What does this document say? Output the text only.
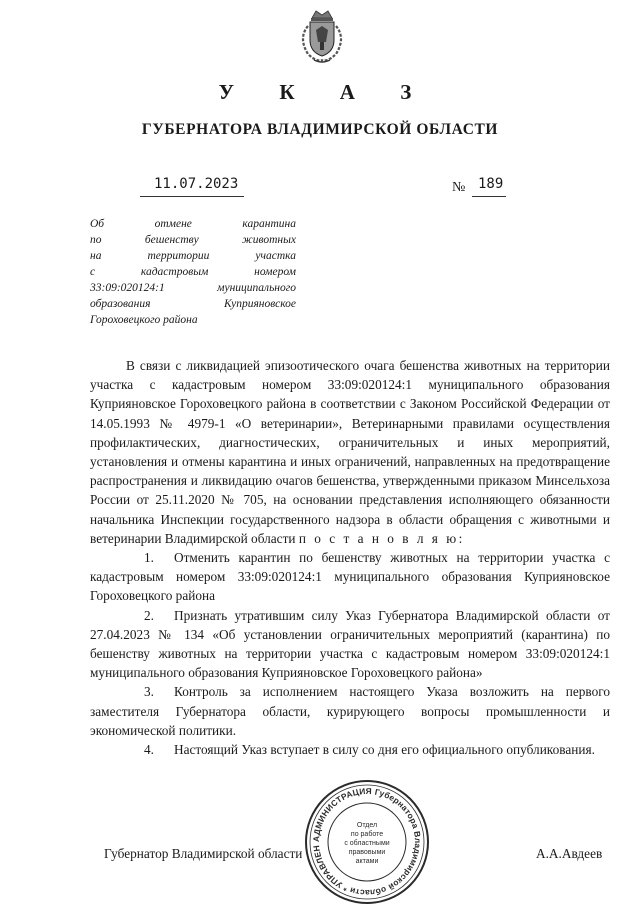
У К А З
ГУБЕРНАТОРА ВЛАДИМИРСКОЙ ОБЛАСТИ
11.07.2023	№ 189
Об отмене карантина
по бешенству животных
на территории участка
с кадастровым номером
33:09:020124:1 муниципального
образования Куприяновское
Гороховецкого района

В связи с ликвидацией эпизоотического очага бешенства животных на территории участка с кадастровым номером 33:09:020124:1 муниципального образования Куприяновское Гороховецкого района в соответствии с Законом Российской Федерации от 14.05.1993 № 4979-1 «О ветеринарии», Ветеринарными правилами осуществления профилактических, диагностических, ограничительных и иных мероприятий, установления и отмены карантина и иных ограничений, направленных на предотвращение распространения и ликвидацию очагов бешенства, утвержденными приказом Минсельхоза России от 25.11.2020 № 705, на основании представления исполняющего обязанности начальника Инспекции государственного надзора в области обращения с животными и ветеринарии Владимирской области п о с т а н о в л я ю:

1. Отменить карантин по бешенству животных на территории участка с кадастровым номером 33:09:020124:1 муниципального образования Куприяновское Гороховецкого района

2. Признать утратившим силу Указ Губернатора Владимирской области от 27.04.2023 № 134 «Об установлении ограничительных мероприятий (карантина) по бешенству животных на территории участка с кадастровым номером 33:09:020124:1 муниципального образования Куприяновское Гороховецкого района»

3. Контроль за исполнением настоящего Указа возложить на первого заместителя Губернатора области, курирующего вопросы промышленности и экономической политики.

4. Настоящий Указ вступает в силу со дня его официального опубликования.

Губернатор Владимирской области	А.А.Авдеев
АДМИНИСТРАЦИЯ Губернатора Владимирской области * УПРАВЛЕН
Отдел
по работе
с областными
правовыми
актами
